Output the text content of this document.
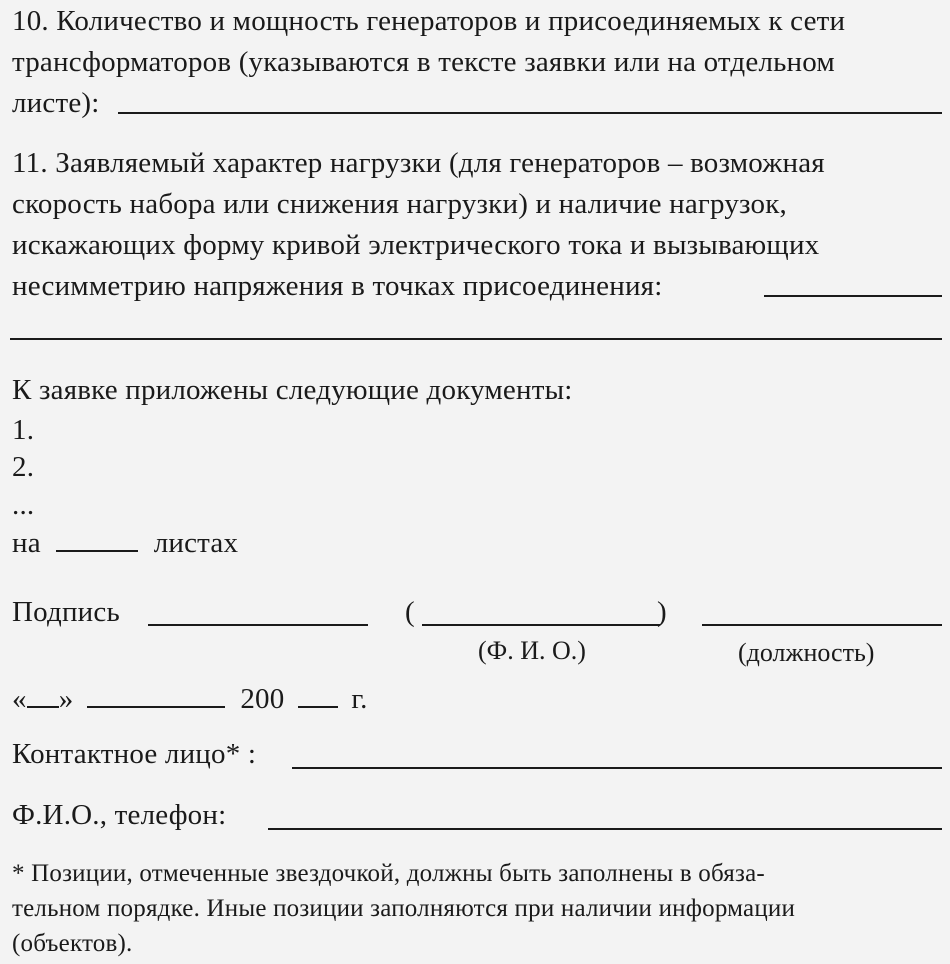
10. Количество и мощность генераторов и присоединяемых к сети
трансформаторов (указываются в тексте заявки или на отдельном
листе):
11. Заявляемый характер нагрузки (для генераторов – возможная
скорость набора или снижения нагрузки) и наличие нагрузок,
искажающих форму кривой электрического тока и вызывающих
несимметрию напряжения в точках присоединения:
К заявке приложены следующие документы:
1.
2.
...
на	листах
Подпись	(	)
(Ф. И. О.)	(должность)
« »	200 г.
Контактное лицо* :
Ф.И.О., телефон:
* Позиции, отмеченные звездочкой, должны быть заполнены в обяза-
тельном порядке. Иные позиции заполняются при наличии информации
(объектов).
